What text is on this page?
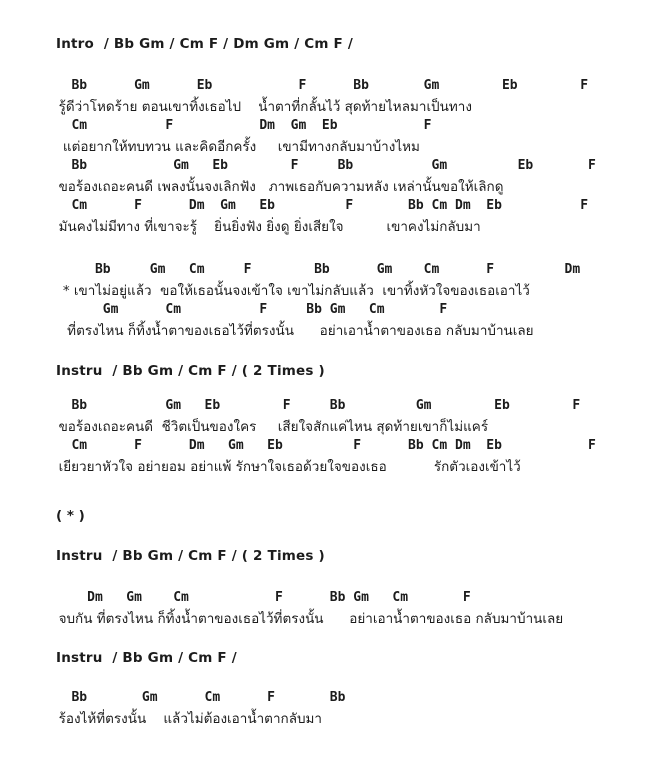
Intro  / Bb Gm / Cm F / Dm Gm / Cm F /
Bb      Gm      Eb           F      Bb       Gm        Eb        F
รู้ดีว่าโหดร้าย ตอนเขาทิ้งเธอไป    น้ำตาที่กลั้นไว้ สุดท้ายไหลมาเป็นทาง
Cm          F           Dm  Gm  Eb           F
แต่อยากให้ทบทวน และคิดอีกครั้ง     เขามีทางกลับมาบ้างไหม
Bb           Gm   Eb        F     Bb          Gm         Eb       F
ขอร้องเถอะคนดี เพลงนั้นจงเลิกฟัง   ภาพเธอกับความหลัง เหล่านั้นขอให้เลิกดู
Cm      F      Dm  Gm   Eb         F       Bb Cm Dm  Eb          F
มันคงไม่มีทาง ที่เขาจะรู้    ยิ่นยิ่งฟัง ยิ่งดู ยิ่งเสียใจ          เขาคงไม่กลับมา
Bb     Gm   Cm     F        Bb      Gm    Cm      F         Dm
* เขาไม่อยู่แล้ว  ขอให้เธอนั้นจงเข้าใจ เขาไม่กลับแล้ว  เขาทิ้งหัวใจของเธอเอาไว้
Gm      Cm          F     Bb Gm   Cm       F
ที่ตรงไหน ก็ทิ้งน้ำตาของเธอไว้ที่ตรงนั้น      อย่าเอาน้ำตาของเธอ กลับมาบ้านเลย
Instru  / Bb Gm / Cm F / ( 2 Times )
Bb          Gm   Eb        F     Bb         Gm        Eb        F
ขอร้องเถอะคนดี  ชีวิตเป็นของใคร     เสียใจสักแค่ไหน สุดท้ายเขาก็ไม่แคร์
Cm      F      Dm   Gm   Eb         F      Bb Cm Dm  Eb           F
เยียวยาหัวใจ อย่ายอม อย่าแพ้ รักษาใจเธอด้วยใจของเธอ           รักตัวเองเข้าไว้
( * )
Instru  / Bb Gm / Cm F / ( 2 Times )
Dm   Gm    Cm           F      Bb Gm   Cm       F
จบกัน ที่ตรงไหน ก็ทิ้งน้ำตาของเธอไว้ที่ตรงนั้น      อย่าเอาน้ำตาของเธอ กลับมาบ้านเลย
Instru  / Bb Gm / Cm F /
Bb       Gm      Cm      F       Bb
ร้องไห้ที่ตรงนั้น    แล้วไม่ต้องเอาน้ำตากลับมา
